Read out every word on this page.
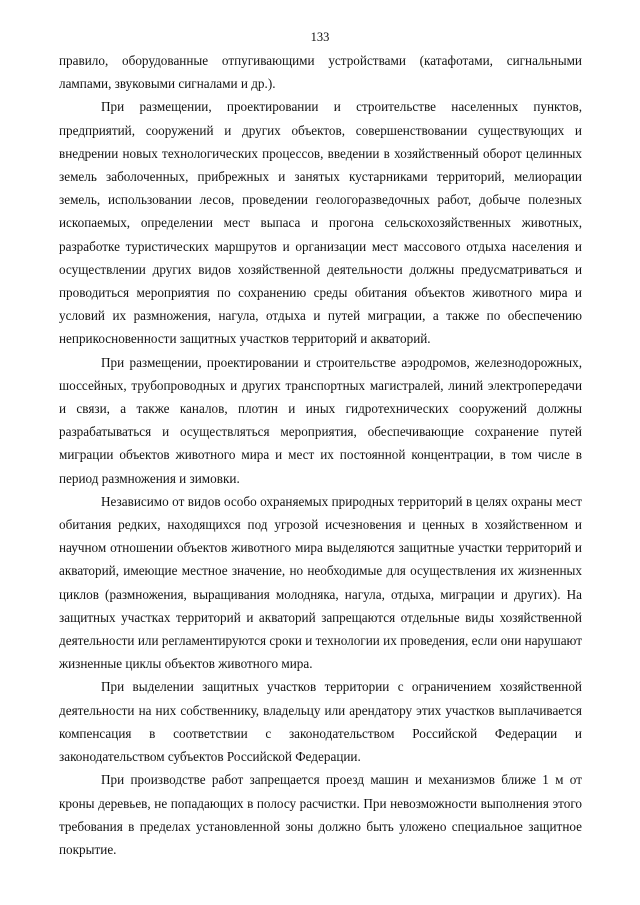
133

правило, оборудованные отпугивающими устройствами (катафотами, сигнальными лампами, звуковыми сигналами и др.).

При размещении, проектировании и строительстве населенных пунктов, предприятий, сооружений и других объектов, совершенствовании существующих и внедрении новых технологических процессов, введении в хозяйственный оборот целинных земель заболоченных, прибрежных и занятых кустарниками территорий, мелиорации земель, использовании лесов, проведении геологоразведочных работ, добыче полезных ископаемых, определении мест выпаса и прогона сельскохозяйственных животных, разработке туристических маршрутов и организации мест массового отдыха населения и осуществлении других видов хозяйственной деятельности должны предусматриваться и проводиться мероприятия по сохранению среды обитания объектов животного мира и условий их размножения, нагула, отдыха и путей миграции, а также по обеспечению неприкосновенности защитных участков территорий и акваторий.

При размещении, проектировании и строительстве аэродромов, железнодорожных, шоссейных, трубопроводных и других транспортных магистралей, линий электропередачи и связи, а также каналов, плотин и иных гидротехнических сооружений должны разрабатываться и осуществляться мероприятия, обеспечивающие сохранение путей миграции объектов животного мира и мест их постоянной концентрации, в том числе в период размножения и зимовки.

Независимо от видов особо охраняемых природных территорий в целях охраны мест обитания редких, находящихся под угрозой исчезновения и ценных в хозяйственном и научном отношении объектов животного мира выделяются защитные участки территорий и акваторий, имеющие местное значение, но необходимые для осуществления их жизненных циклов (размножения, выращивания молодняка, нагула, отдыха, миграции и других). На защитных участках территорий и акваторий запрещаются отдельные виды хозяйственной деятельности или регламентируются сроки и технологии их проведения, если они нарушают жизненные циклы объектов животного мира.

При выделении защитных участков территории с ограничением хозяйственной деятельности на них собственнику, владельцу или арендатору этих участков выплачивается компенсация в соответствии с законодательством Российской Федерации и законодательством субъектов Российской Федерации.

При производстве работ запрещается проезд машин и механизмов ближе 1 м от кроны деревьев, не попадающих в полосу расчистки. При невозможности выполнения этого требования в пределах установленной зоны должно быть уложено специальное защитное покрытие.
